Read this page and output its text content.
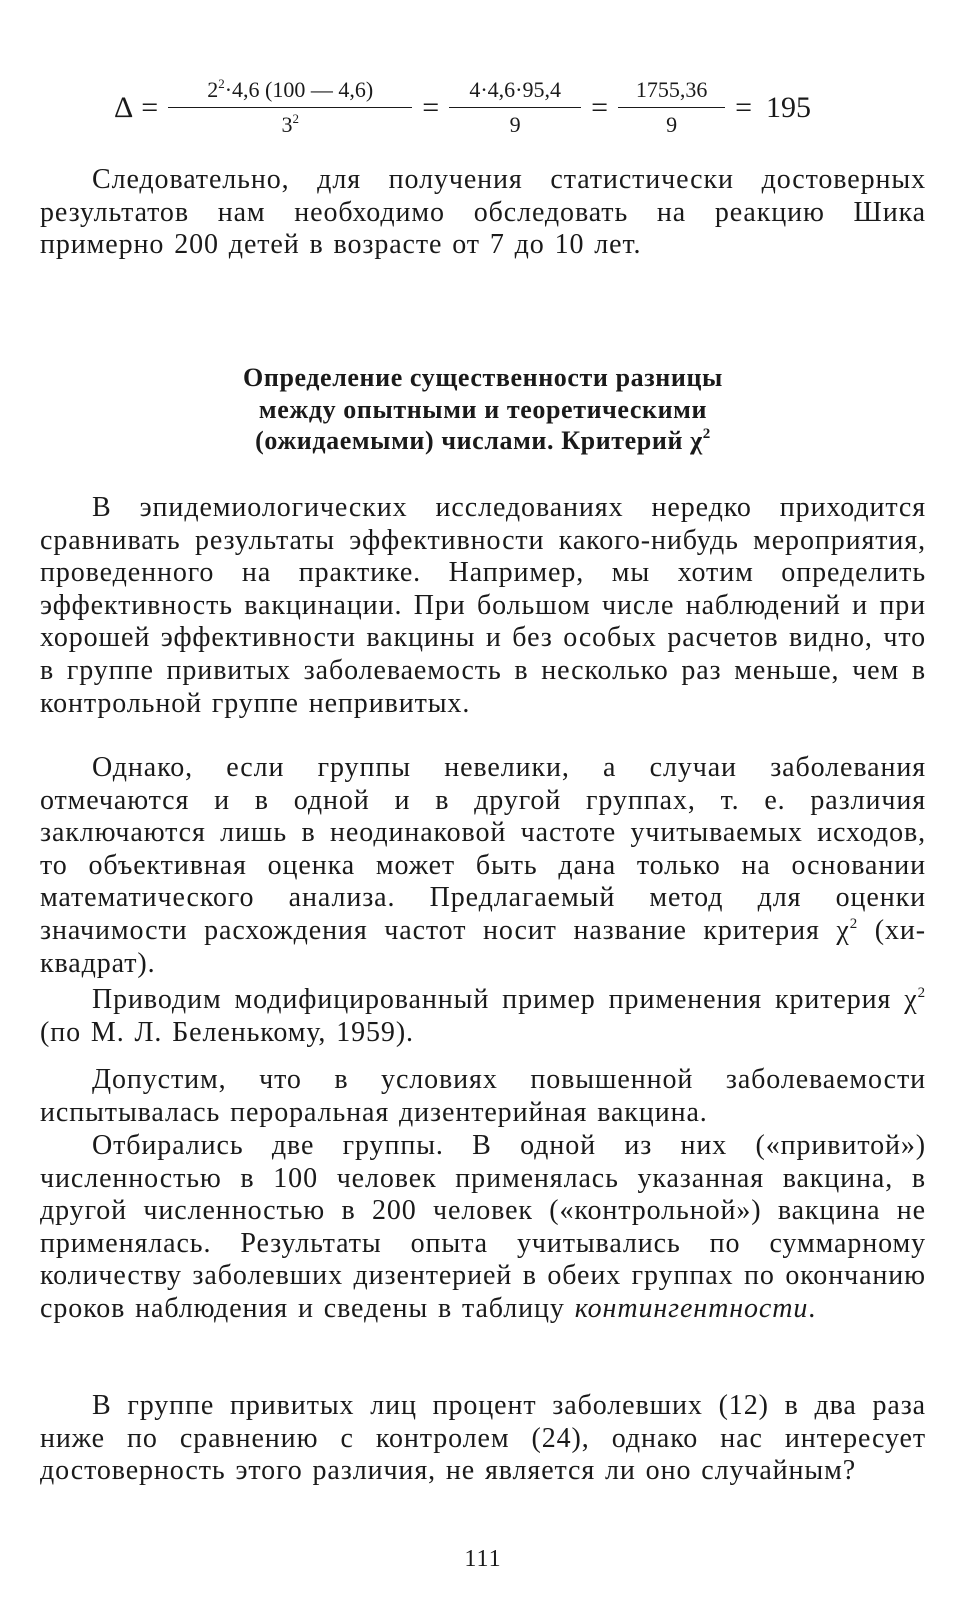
$\Delta = \frac{2^2\cdot 4,6 (100 — 4,6)}{3^2} = \frac{4\cdot 4,6\cdot 95,4}{9} = \frac{1755,36}{9} = 195$

Следовательно, для получения статистически достоверных результатов нам необходимо обследовать на реакцию Шика примерно 200 детей в возрасте от 7 до 10 лет.

Определение существенности разницы
между опытными и теоретическими
(ожидаемыми) числами. Критерий $\chi^2$

В эпидемиологических исследованиях нередко приходится сравнивать результаты эффективности какого-нибудь мероприятия, проведенного на практике. Например, мы хотим определить эффективность вакцинации. При большом числе наблюдений и при хорошей эффективности вакцины и без особых расчетов видно, что в группе привитых заболеваемость в несколько раз меньше, чем в контрольной группе непривитых.

Однако, если группы невелики, а случаи заболевания отмечаются и в одной и в другой группах, т. е. различия заключаются лишь в неодинаковой частоте учитываемых исходов, то объективная оценка может быть дана только на основании математического анализа. Предлагаемый метод для оценки значимости расхождения частот носит название критерия $\chi^2$ (хи-квадрат).

Приводим модифицированный пример применения критерия $\chi^2$ (по М. Л. Беленькому, 1959).

Допустим, что в условиях повышенной заболеваемости испытывалась пероральная дизентерийная вакцина.

Отбирались две группы. В одной из них («привитой») численностью в 100 человек применялась указанная вакцина, в другой численностью в 200 человек («контрольной») вакцина не применялась. Результаты опыта учитывались по суммарному количеству заболевших дизентерией в обеих группах по окончанию сроков наблюдения и сведены в таблицу контингентности.

В группе привитых лиц процент заболевших (12) в два раза ниже по сравнению с контролем (24), однако нас интересует достоверность этого различия, не является ли оно случайным?

111
